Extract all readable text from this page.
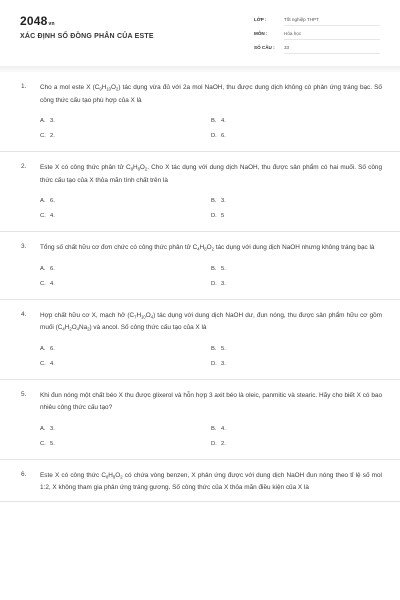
2048vn
XÁC ĐỊNH SỐ ĐỒNG PHÂN CỦA ESTE
LỚP :	Tốt nghiệp THPT
MÔN :	Hóa học
SỐ CÂU : 33
1. Cho a mol este X $(C_9H_{10}O_2)$ tác dụng vừa đủ với 2a mol NaOH, thu được dung dịch không có phản ứng tráng bạc. Số công thức cấu tạo phù hợp của X là

A. 3.	B. 4.
C. 2.	D. 6.
2. Este X có công thức phân tử $C_8H_8O_2$. Cho X tác dụng với dung dịch NaOH, thu được sản phẩm có hai muối. Số công thức cấu tạo của X thỏa mãn tính chất trên là

A. 6.	B. 3.
C. 4.	D. 5
3. Tổng số chất hữu cơ đơn chức có công thức phân tử $C_4H_8O_2$ tác dụng với dung dịch NaOH nhưng không tráng bạc là

A. 6.	B. 5.
C. 4.	D. 3.
4. Hợp chất hữu cơ X, mạch hở $(C_7H_{10}O_4)$ tác dụng với dung dịch NaOH dư, đun nóng, thu được sản phẩm hữu cơ gồm muối $(C_4H_2O_4Na_2)$ và ancol. Số công thức cấu tạo của X là

A. 6.	B. 5.
C. 4.	D. 3.
5. Khi đun nóng một chất béo X thu được glixerol và hỗn hợp 3 axit béo là oleic, panmitic và stearic. Hãy cho biết X có bao nhiêu công thức cấu tạo?

A. 3.	B. 4.
C. 5.	D. 2.
6. Este X có công thức $C_8H_8O_2$ có chứa vòng benzen, X phản ứng được với dung dịch NaOH đun nóng theo tỉ lệ số mol 1:2, X không tham gia phản ứng tráng gương. Số công thức của X thỏa mãn điều kiện của X là
